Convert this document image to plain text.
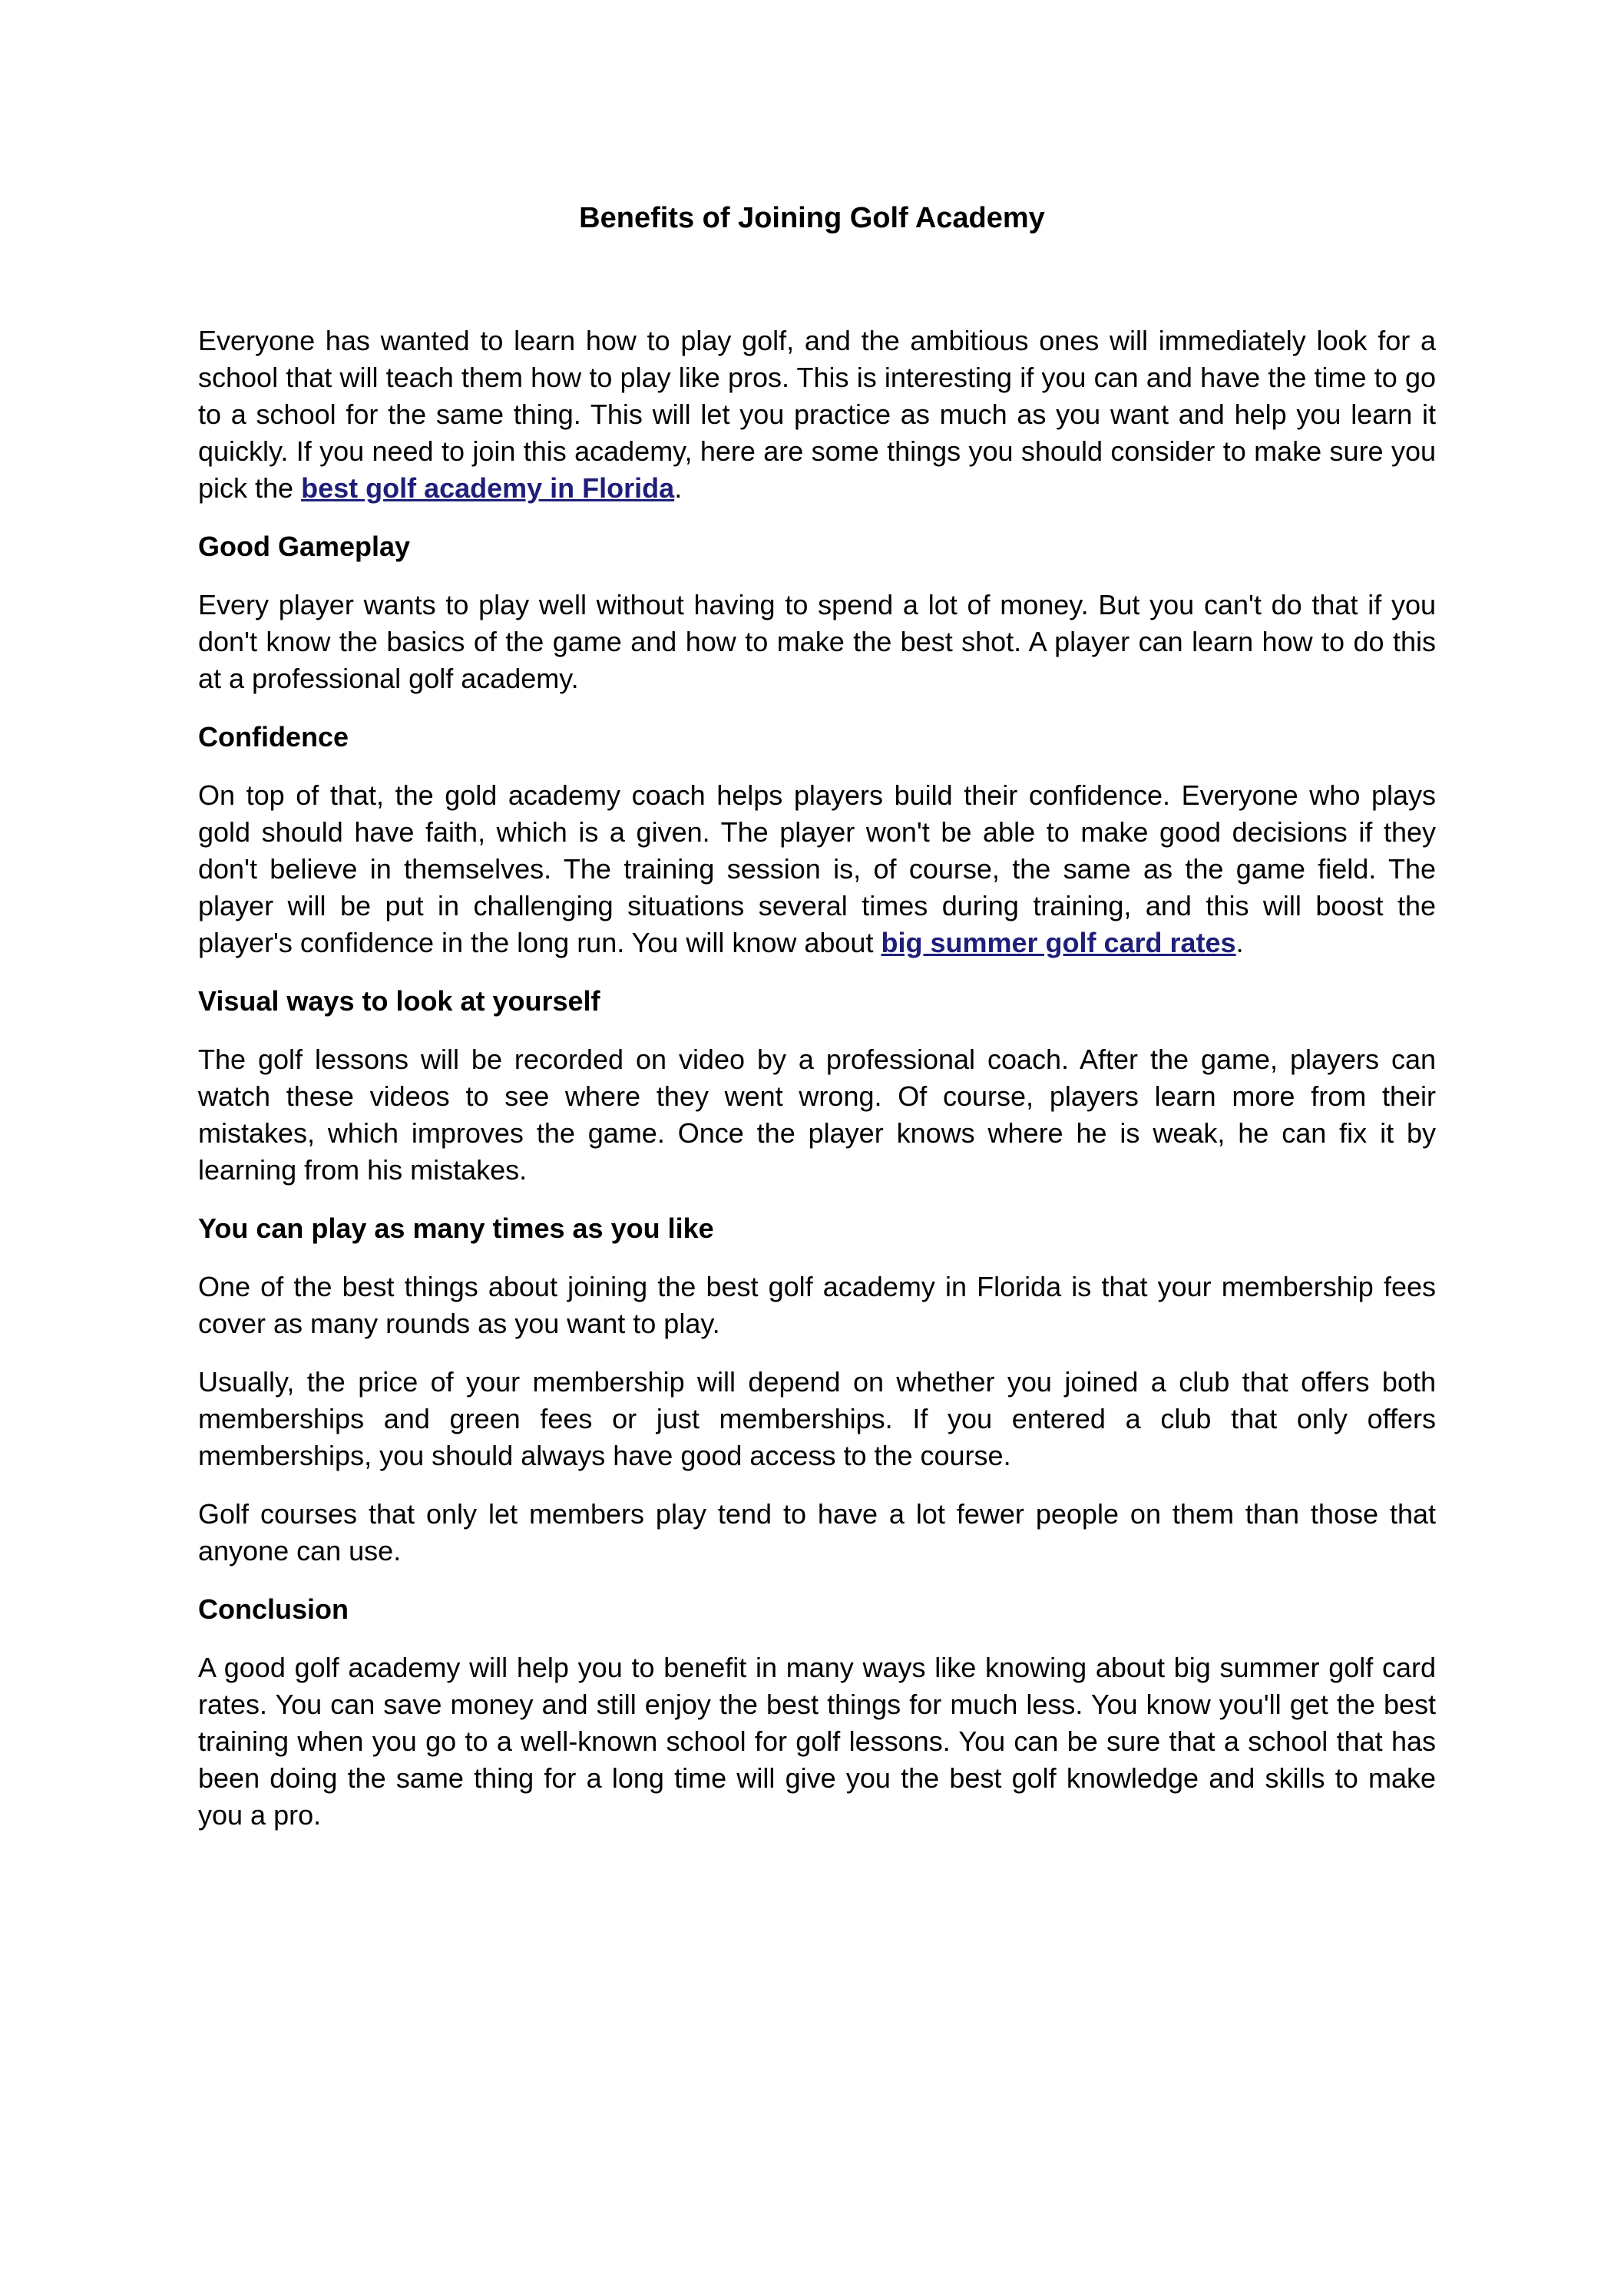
Benefits of Joining Golf Academy

Everyone has wanted to learn how to play golf, and the ambitious ones will immediately look for a school that will teach them how to play like pros. This is interesting if you can and have the time to go to a school for the same thing. This will let you practice as much as you want and help you learn it quickly. If you need to join this academy, here are some things you should consider to make sure you pick the best golf academy in Florida.

Good Gameplay

Every player wants to play well without having to spend a lot of money. But you can't do that if you don't know the basics of the game and how to make the best shot. A player can learn how to do this at a professional golf academy.

Confidence

On top of that, the gold academy coach helps players build their confidence. Everyone who plays gold should have faith, which is a given. The player won't be able to make good decisions if they don't believe in themselves. The training session is, of course, the same as the game field. The player will be put in challenging situations several times during training, and this will boost the player's confidence in the long run. You will know about big summer golf card rates.

Visual ways to look at yourself

The golf lessons will be recorded on video by a professional coach. After the game, players can watch these videos to see where they went wrong. Of course, players learn more from their mistakes, which improves the game. Once the player knows where he is weak, he can fix it by learning from his mistakes.

You can play as many times as you like

One of the best things about joining the best golf academy in Florida is that your membership fees cover as many rounds as you want to play.

Usually, the price of your membership will depend on whether you joined a club that offers both memberships and green fees or just memberships. If you entered a club that only offers memberships, you should always have good access to the course.

Golf courses that only let members play tend to have a lot fewer people on them than those that anyone can use.

Conclusion

A good golf academy will help you to benefit in many ways like knowing about big summer golf card rates. You can save money and still enjoy the best things for much less. You know you'll get the best training when you go to a well-known school for golf lessons. You can be sure that a school that has been doing the same thing for a long time will give you the best golf knowledge and skills to make you a pro.
